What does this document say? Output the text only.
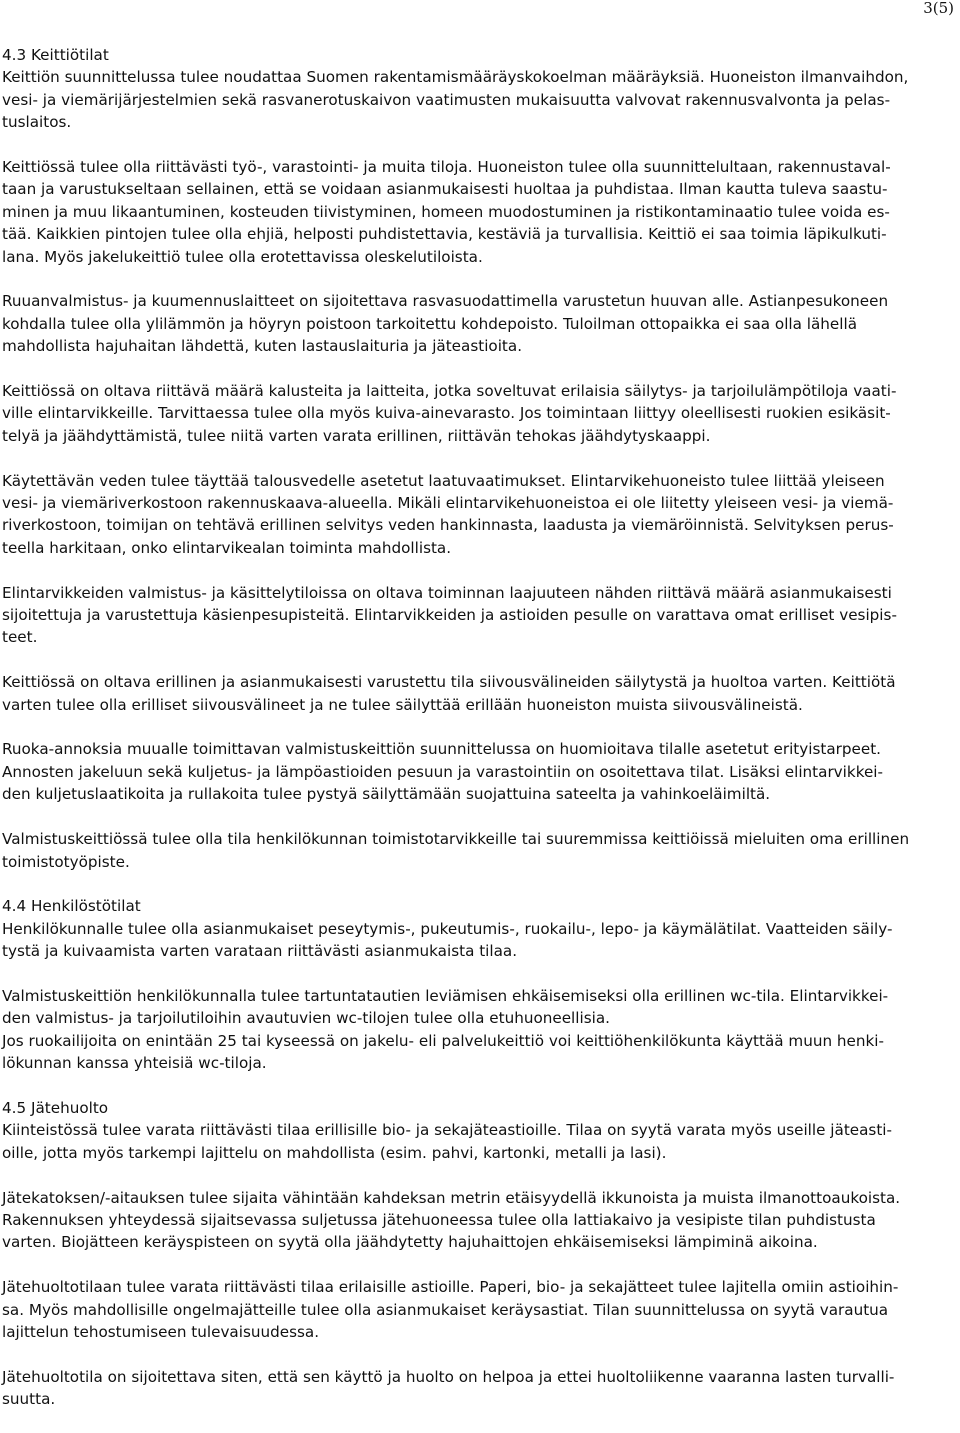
3(5)
4.3 Keittiötilat
Keittiön suunnittelussa tulee noudattaa Suomen rakentamismääräyskokoelman määräyksiä. Huoneiston ilmanvaihdon,
vesi- ja viemärijärjestelmien sekä rasvanerotuskaivon vaatimusten mukaisuutta valvovat rakennusvalvonta ja pelas-
tuslaitos.
Keittiössä tulee olla riittävästi työ-, varastointi- ja muita tiloja. Huoneiston tulee olla suunnittelultaan, rakennustaval-
taan ja varustukseltaan sellainen, että se voidaan asianmukaisesti huoltaa ja puhdistaa. Ilman kautta tuleva saastu-
minen ja muu likaantuminen, kosteuden tiivistyminen, homeen muodostuminen ja ristikontaminaatio tulee voida es-
tää. Kaikkien pintojen tulee olla ehjiä, helposti puhdistettavia, kestäviä ja turvallisia. Keittiö ei saa toimia läpikulkuti-
lana. Myös jakelukeittiö tulee olla erotettavissa oleskelutiloista.
Ruuanvalmistus- ja kuumennuslaitteet on sijoitettava rasvasuodattimella varustetun huuvan alle. Astianpesukoneen
kohdalla tulee olla ylilämmön ja höyryn poistoon tarkoitettu kohdepoisto. Tuloilman ottopaikka ei saa olla lähellä
mahdollista hajuhaitan lähdettä, kuten lastauslaituria ja jäteastioita.
Keittiössä on oltava riittävä määrä kalusteita ja laitteita, jotka soveltuvat erilaisia säilytys- ja tarjoilulämpötiloja vaati-
ville elintarvikkeille. Tarvittaessa tulee olla myös kuiva-ainevarasto. Jos toimintaan liittyy oleellisesti ruokien esikäsit-
telyä ja jäähdyttämistä, tulee niitä varten varata erillinen, riittävän tehokas jäähdytyskaappi.
Käytettävän veden tulee täyttää talousvedelle asetetut laatuvaatimukset. Elintarvikehuoneisto tulee liittää yleiseen
vesi- ja viemäriverkostoon rakennuskaava-alueella. Mikäli elintarvikehuoneistoa ei ole liitetty yleiseen vesi- ja viemä-
riverkostoon, toimijan on tehtävä erillinen selvitys veden hankinnasta, laadusta ja viemäröinnistä. Selvityksen perus-
teella harkitaan, onko elintarvikealan toiminta mahdollista.
Elintarvikkeiden valmistus- ja käsittelytiloissa on oltava toiminnan laajuuteen nähden riittävä määrä asianmukaisesti
sijoitettuja ja varustettuja käsienpesupisteitä. Elintarvikkeiden ja astioiden pesulle on varattava omat erilliset vesipis-
teet.
Keittiössä on oltava erillinen ja asianmukaisesti varustettu tila siivousvälineiden säilytystä ja huoltoa varten. Keittiötä
varten tulee olla erilliset siivousvälineet ja ne tulee säilyttää erillään huoneiston muista siivousvälineistä.
Ruoka-annoksia muualle toimittavan valmistuskeittiön suunnittelussa on huomioitava tilalle asetetut erityistarpeet.
Annosten jakeluun sekä kuljetus- ja lämpöastioiden pesuun ja varastointiin on osoitettava tilat. Lisäksi elintarvikkei-
den kuljetuslaatikoita ja rullakoita tulee pystyä säilyttämään suojattuina sateelta ja vahinkoeläimiltä.
Valmistuskeittiössä tulee olla tila henkilökunnan toimistotarvikkeille tai suuremmissa keittiöissä mieluiten oma erillinen
toimistotyöpiste.
4.4 Henkilöstötilat
Henkilökunnalle tulee olla asianmukaiset peseytymis-, pukeutumis-, ruokailu-, lepo- ja käymälätilat. Vaatteiden säily-
tystä ja kuivaamista varten varataan riittävästi asianmukaista tilaa.
Valmistuskeittiön henkilökunnalla tulee tartuntatautien leviämisen ehkäisemiseksi olla erillinen wc-tila. Elintarvikkei-
den valmistus- ja tarjoilutiloihin avautuvien wc-tilojen tulee olla etuhuoneellisia.
Jos ruokailijoita on enintään 25 tai kyseessä on jakelu- eli palvelukeittiö voi keittiöhenkilökunta käyttää muun henki-
lökunnan kanssa yhteisiä wc-tiloja.
4.5 Jätehuolto
Kiinteistössä tulee varata riittävästi tilaa erillisille bio- ja sekajäteastioille. Tilaa on syytä varata myös useille jäteasti-
oille, jotta myös tarkempi lajittelu on mahdollista (esim. pahvi, kartonki, metalli ja lasi).
Jätekatoksen/-aitauksen tulee sijaita vähintään kahdeksan metrin etäisyydellä ikkunoista ja muista ilmanottoaukoista.
Rakennuksen yhteydessä sijaitsevassa suljetussa jätehuoneessa tulee olla lattiakaivo ja vesipiste tilan puhdistusta
varten. Biojätteen keräyspisteen on syytä olla jäähdytetty hajuhaittojen ehkäisemiseksi lämpiminä aikoina.
Jätehuoltotilaan tulee varata riittävästi tilaa erilaisille astioille. Paperi, bio- ja sekajätteet tulee lajitella omiin astioihin-
sa. Myös mahdollisille ongelmajätteille tulee olla asianmukaiset keräysastiat. Tilan suunnittelussa on syytä varautua
lajittelun tehostumiseen tulevaisuudessa.
Jätehuoltotila on sijoitettava siten, että sen käyttö ja huolto on helpoa ja ettei huoltoliikenne vaaranna lasten turvalli-
suutta.
